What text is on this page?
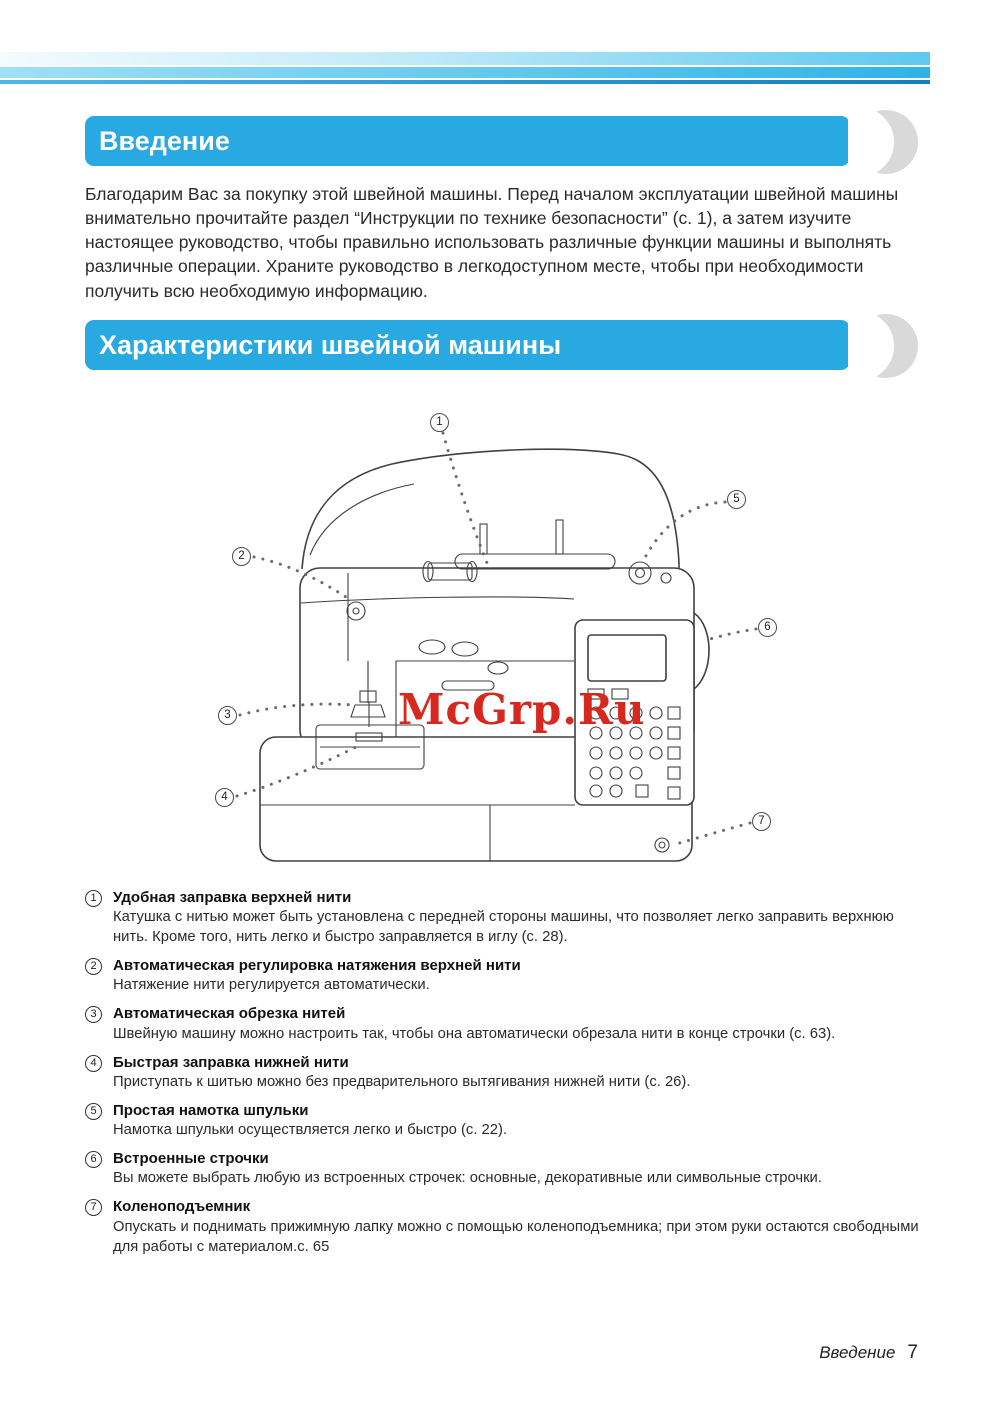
Введение
Благодарим Вас за покупку этой швейной машины. Перед началом эксплуатации швейной машины внимательно прочитайте раздел “Инструкции по технике безопасности” (с. 1), а затем изучите настоящее руководство, чтобы правильно использовать различные функции машины и выполнять различные операции. Храните руководство в легкодоступном месте, чтобы при необходимости получить всю необходимую информацию.
Характеристики швейной машины
1
2
3
4
5
6
7
McGrp.Ru
1	Удобная заправка верхней нити
Катушка с нитью может быть установлена с передней стороны машины, что позволяет легко заправить верхнюю нить. Кроме того, нить легко и быстро заправляется в иглу (с. 28).
2	Автоматическая регулировка натяжения верхней нити
Натяжение нити регулируется автоматически.
3	Автоматическая обрезка нитей
Швейную машину можно настроить так, чтобы она автоматически обрезала нити в конце строчки (с. 63).
4	Быстрая заправка нижней нити
Приступать к шитью можно без предварительного вытягивания нижней нити (с. 26).
5	Простая намотка шпульки
Намотка шпульки осуществляется легко и быстро (с. 22).
6	Встроенные строчки
Вы можете выбрать любую из встроенных строчек: основные, декоративные или символьные строчки.
7	Коленоподъемник
Опускать и поднимать прижимную лапку можно с помощью коленоподъемника; при этом руки остаются свободными для работы с материалом.с. 65
Введение 7
